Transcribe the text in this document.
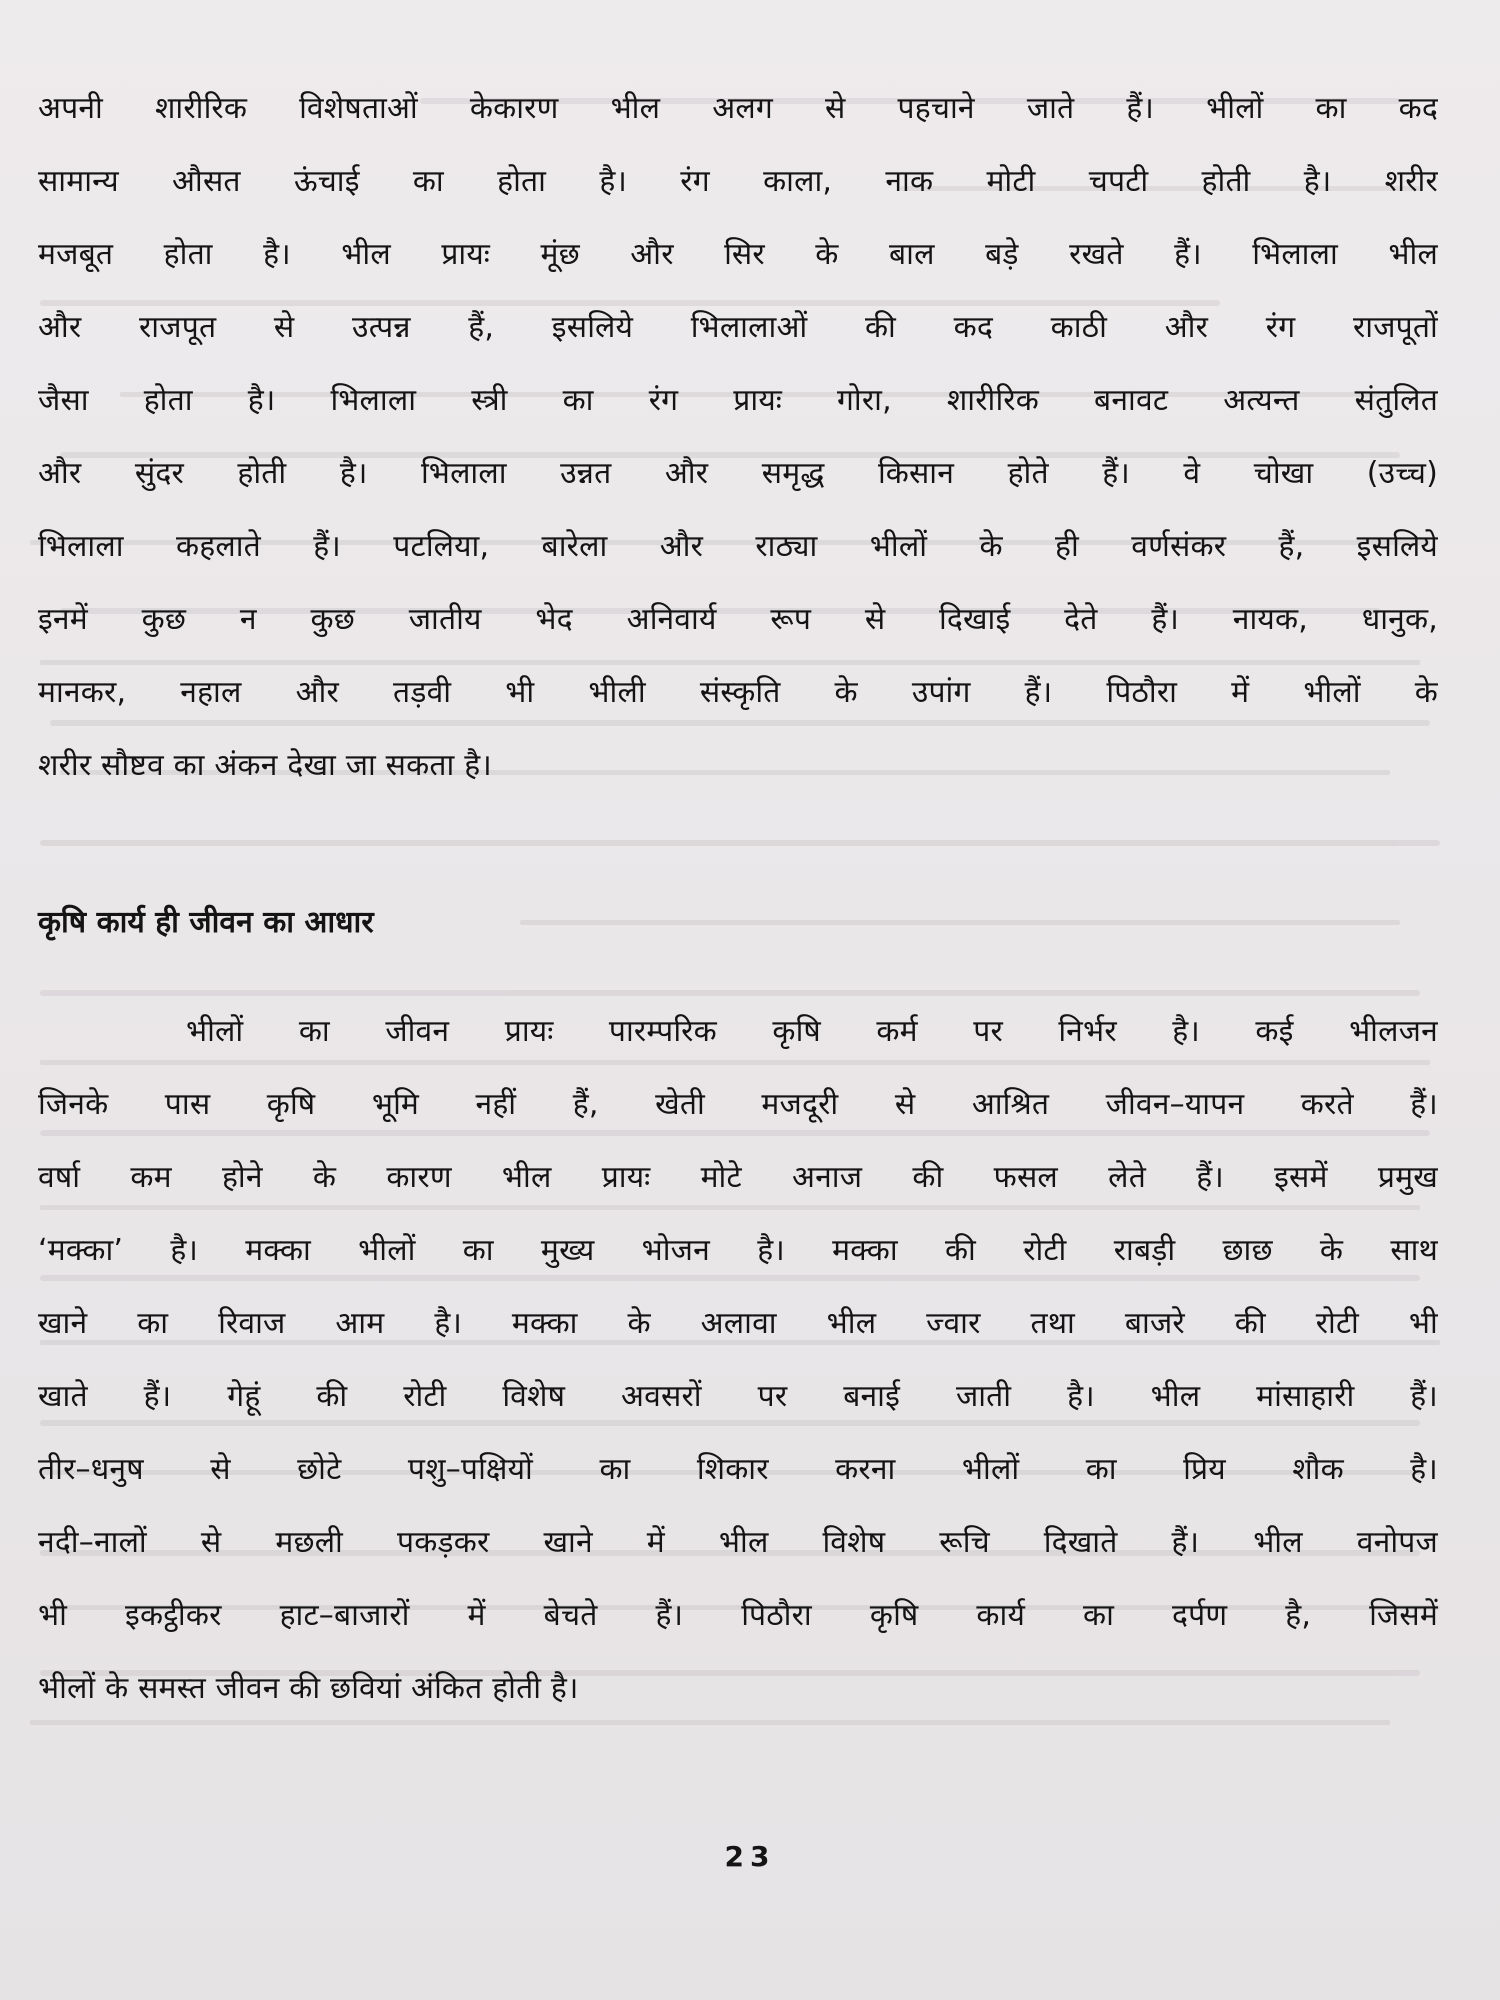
अपनी शारीरिक विशेषताओं केकारण भील अलग से पहचाने जाते हैं। भीलों का कद
सामान्य औसत ऊंचाई का होता है। रंग काला, नाक मोटी चपटी होती है। शरीर
मजबूत होता है। भील प्रायः मूंछ और सिर के बाल बड़े रखते हैं। भिलाला भील
और राजपूत से उत्पन्न हैं, इसलिये भिलालाओं की कद काठी और रंग राजपूतों
जैसा होता है। भिलाला स्त्री का रंग प्रायः गोरा, शारीरिक बनावट अत्यन्त संतुलित
और सुंदर होती है। भिलाला उन्नत और समृद्ध किसान होते हैं। वे चोखा (उच्च)
भिलाला कहलाते हैं। पटलिया, बारेला और राठ्या भीलों के ही वर्णसंकर हैं, इसलिये
इनमें कुछ न कुछ जातीय भेद अनिवार्य रूप से दिखाई देते हैं। नायक, धानुक,
मानकर, नहाल और तड़वी भी भीली संस्कृति के उपांग हैं। पिठौरा में भीलों के
शरीर सौष्टव का अंकन देखा जा सकता है।
कृषि कार्य ही जीवन का आधार
भीलों का जीवन प्रायः पारम्परिक कृषि कर्म पर निर्भर है। कई भीलजन
जिनके पास कृषि भूमि नहीं हैं, खेती मजदूरी से आश्रित जीवन–यापन करते हैं।
वर्षा कम होने के कारण भील प्रायः मोटे अनाज की फसल लेते हैं। इसमें प्रमुख
‘मक्का’ है। मक्का भीलों का मुख्य भोजन है। मक्का की रोटी राबड़ी छाछ के साथ
खाने का रिवाज आम है। मक्का के अलावा भील ज्वार तथा बाजरे की रोटी भी
खाते हैं। गेहूं की रोटी विशेष अवसरों पर बनाई जाती है। भील मांसाहारी हैं।
तीर–धनुष से छोटे पशु–पक्षियों का शिकार करना भीलों का प्रिय शौक है।
नदी–नालों से मछली पकड़कर खाने में भील विशेष रूचि दिखाते हैं। भील वनोपज
भी इकट्ठीकर हाट–बाजारों में बेचते हैं। पिठौरा कृषि कार्य का दर्पण है, जिसमें
भीलों के समस्त जीवन की छवियां अंकित होती है।

23
